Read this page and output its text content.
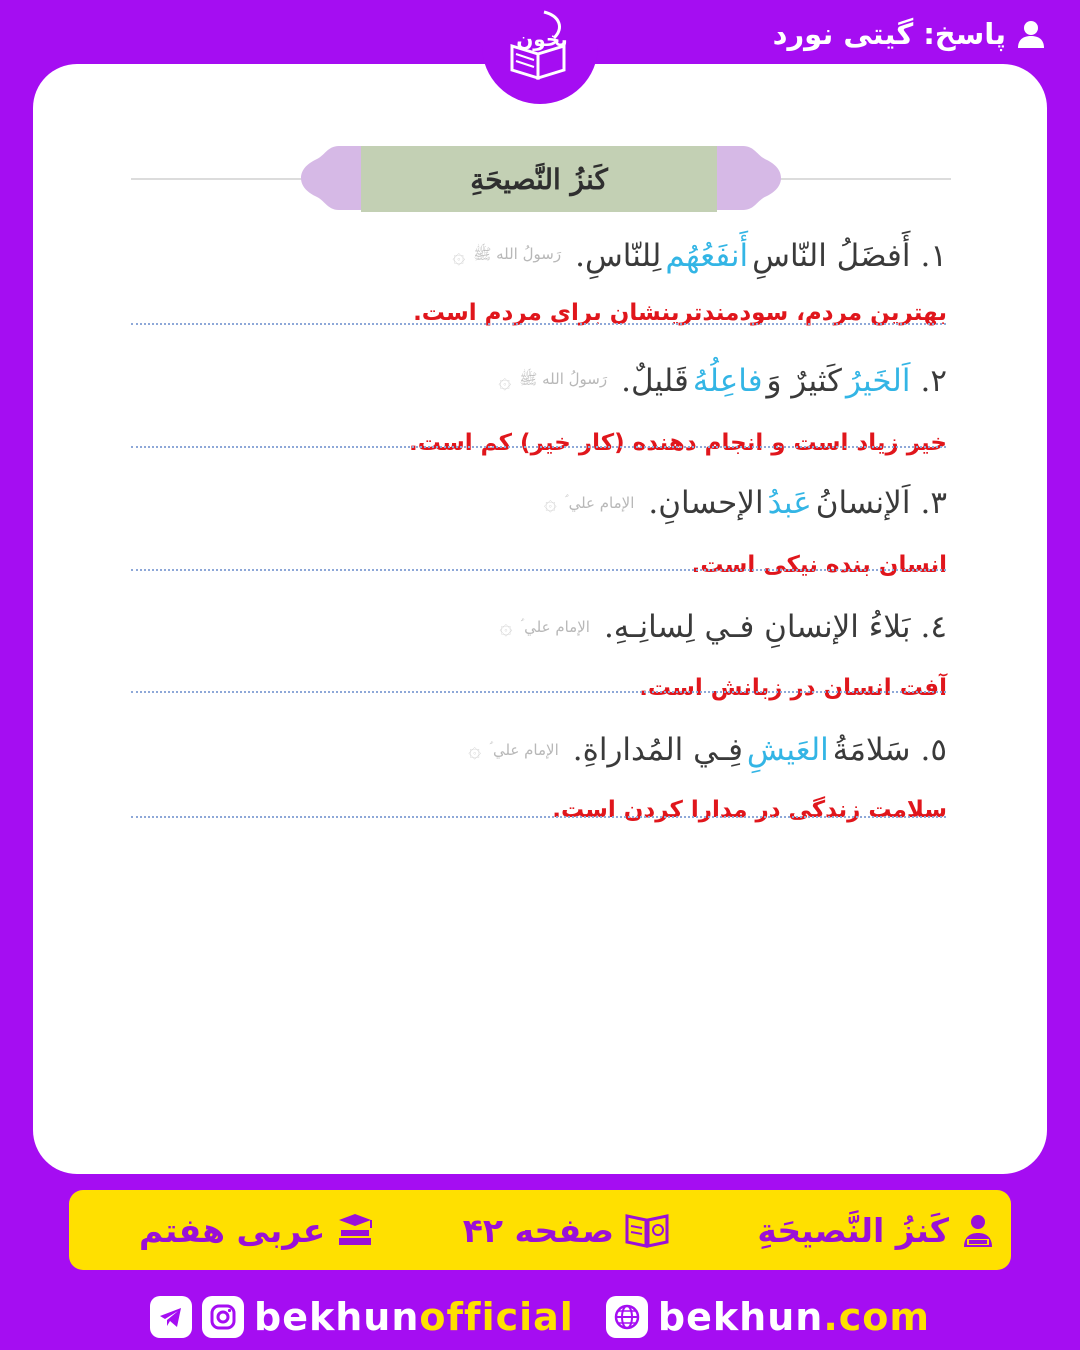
پاسخ:
گیتی نورد
كَنزُ النَّصيحَةِ
۱.
أَفضَلُ النّاسِ
أَنفَعُهُم
لِلنّاسِ.
رَسولُ الله ﷺ
۞
بهترین مردم، سودمندترینشان برای مردم است.
۲.
اَلخَيرُ
كَثيرٌ وَ
فاعِلُهُ
قَليلٌ.
رَسولُ الله ﷺ
۞
خیر زیاد است و انجام دهنده (کار خیر) کم است.
۳.
اَلإنسانُ
عَبدُ
الإحسانِ.
الإمام علي ؑ
۞
انسان بنده نیکی است.
٤.
بَلاءُ الإنسانِ فـي لِسانِـهِ.
الإمام علي ؑ
۞
آفت انسان در زبانش است.
٥.
سَلامَةُ
العَيشِ
فِـي المُداراةِ.
الإمام علي ؑ
۞
سلامت زندگی در مدارا کردن است.
بخون
كَنزُ النَّصيحَةِ
صفحه ۴۲
عربی هفتم
bekhunofficial bekhun.com
